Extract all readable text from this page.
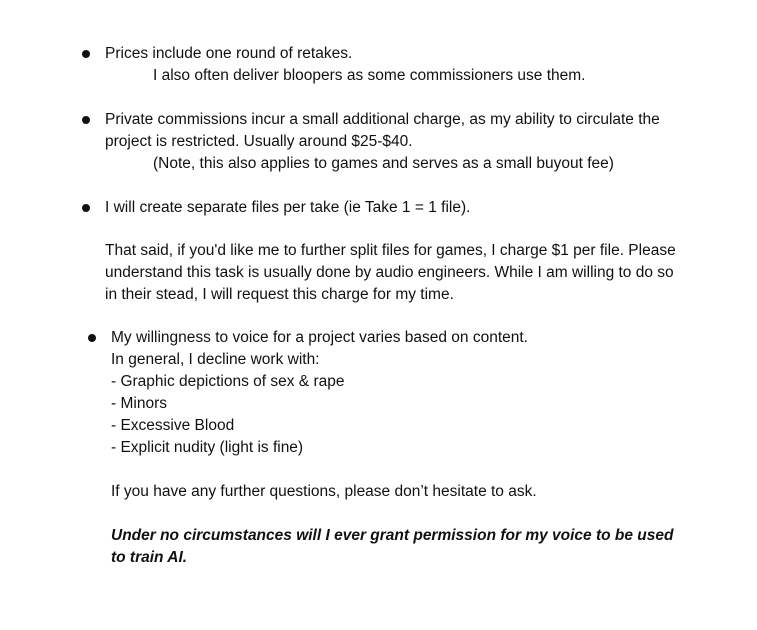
Prices include one round of retakes.
I also often deliver bloopers as some commissioners use them.
Private commissions incur a small additional charge, as my ability to circulate the
project is restricted. Usually around $25-$40.
(Note, this also applies to games and serves as a small buyout fee)
I will create separate files per take (ie Take 1 = 1 file).
That said, if you'd like me to further split files for games, I charge $1 per file. Please
understand this task is usually done by audio engineers. While I am willing to do so
in their stead, I will request this charge for my time.
My willingness to voice for a project varies based on content.
In general, I decline work with:
- Graphic depictions of sex & rape
- Minors
- Excessive Blood
- Explicit nudity (light is fine)
If you have any further questions, please don’t hesitate to ask.
Under no circumstances will I ever grant permission for my voice to be used
to train AI.
